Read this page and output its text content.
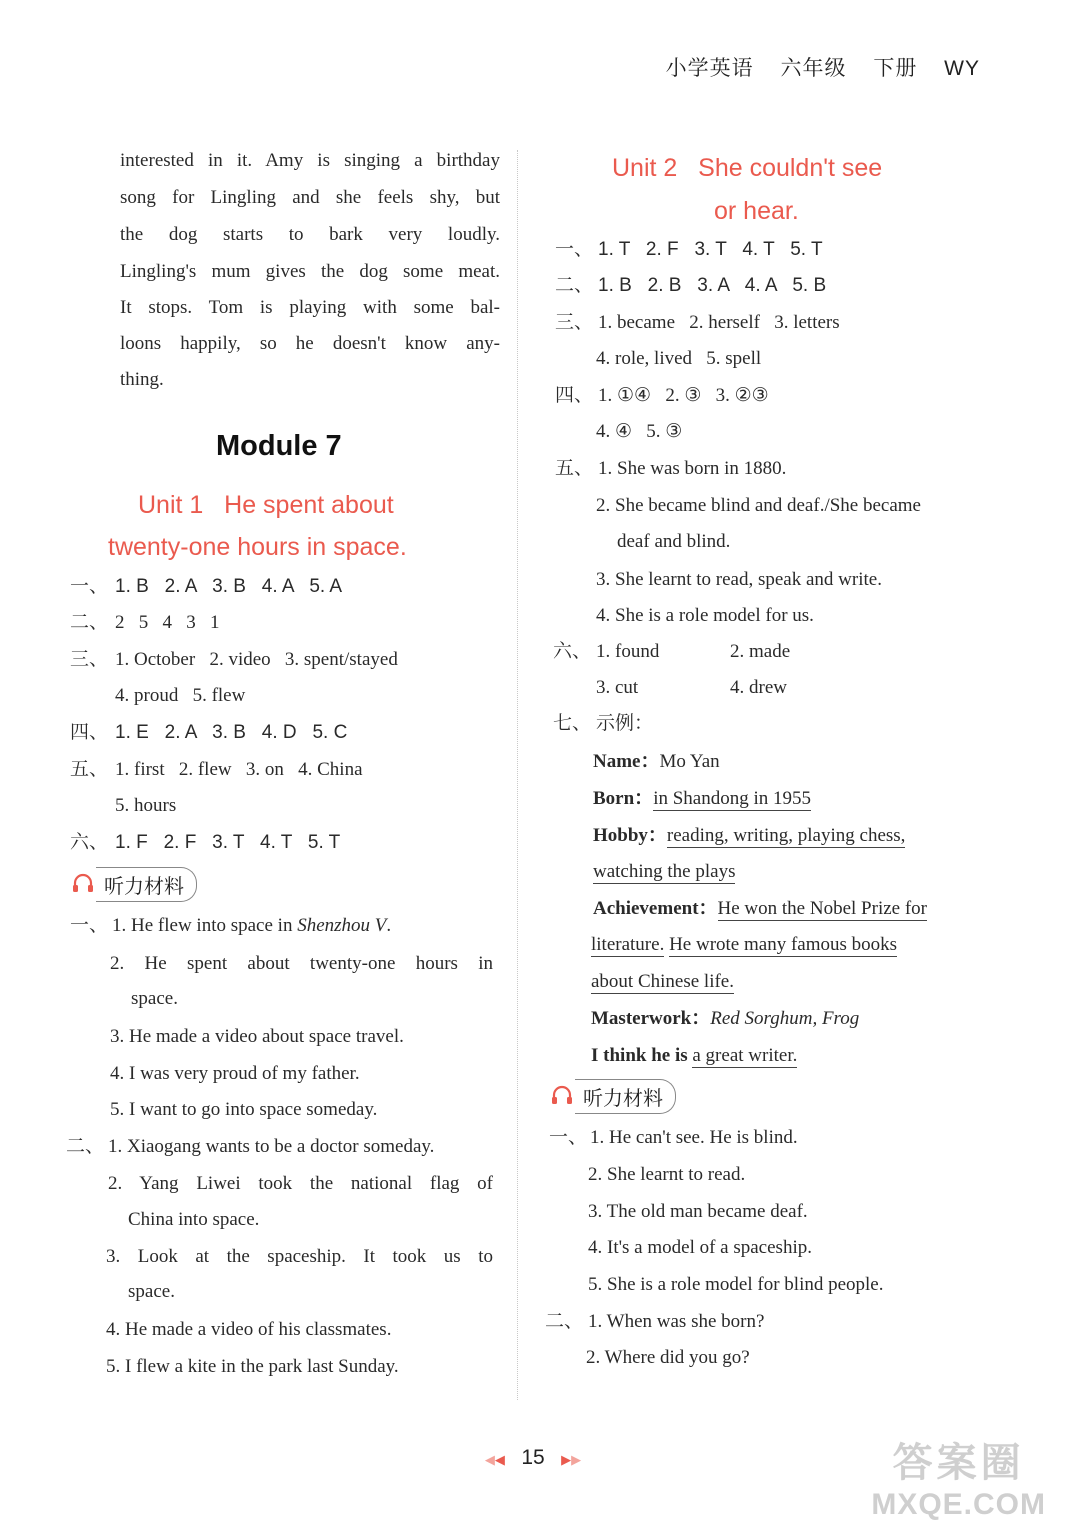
小学英语 六年级 下册 WY
interested in it. Amy is singing a birthday
song for Lingling and she feels shy, but
the dog starts to bark very loudly.
Lingling's mum gives the dog some meat.
It stops. Tom is playing with some bal-
loons happily, so he doesn't know any-
thing.
Module 7
Unit 1   He spent about
twenty-one hours in space.
一、 1. B   2. A   3. B   4. A   5. A
二、 2   5   4   3   1
三、 1. October   2. video   3. spent/stayed
4. proud   5. flew
四、 1. E   2. A   3. B   4. D   5. C
五、 1. first   2. flew   3. on   4. China
5. hours
六、 1. F   2. F   3. T   4. T   5. T
听力材料
一、 1. He flew into space in Shenzhou V.
2. He spent about twenty-one hours in
space.
3. He made a video about space travel.
4. I was very proud of my father.
5. I want to go into space someday.
二、 1. Xiaogang wants to be a doctor someday.
2. Yang Liwei took the national flag of
China into space.
3. Look at the spaceship. It took us to
space.
4. He made a video of his classmates.
5. I flew a kite in the park last Sunday.
Unit 2   She couldn't see
or hear.
一、 1. T   2. F   3. T   4. T   5. T
二、 1. B   2. B   3. A   4. A   5. B
三、 1. became   2. herself   3. letters
4. role, lived   5. spell
四、 1. ①④   2. ③   3. ②③
4. ④   5. ③
五、 1. She was born in 1880.
2. She became blind and deaf./She became
deaf and blind.
3. She learnt to read, speak and write.
4. She is a role model for us.
六、 1. found	2. made
3. cut	4. drew
七、 示例：
Name：Mo Yan
Born：in Shandong in 1955
Hobby：reading, writing, playing chess,
watching the plays
Achievement：He won the Nobel Prize for
literature. He wrote many famous books
about Chinese life.
Masterwork：Red Sorghum, Frog
I think he is a great writer.
听力材料
一、 1. He can't see. He is blind.
2. She learnt to read.
3. The old man became deaf.
4. It's a model of a spaceship.
5. She is a role model for blind people.
二、 1. When was she born?
2. Where did you go?
◀◀ 15 ▶▶	答案圈
MXQE.COM
